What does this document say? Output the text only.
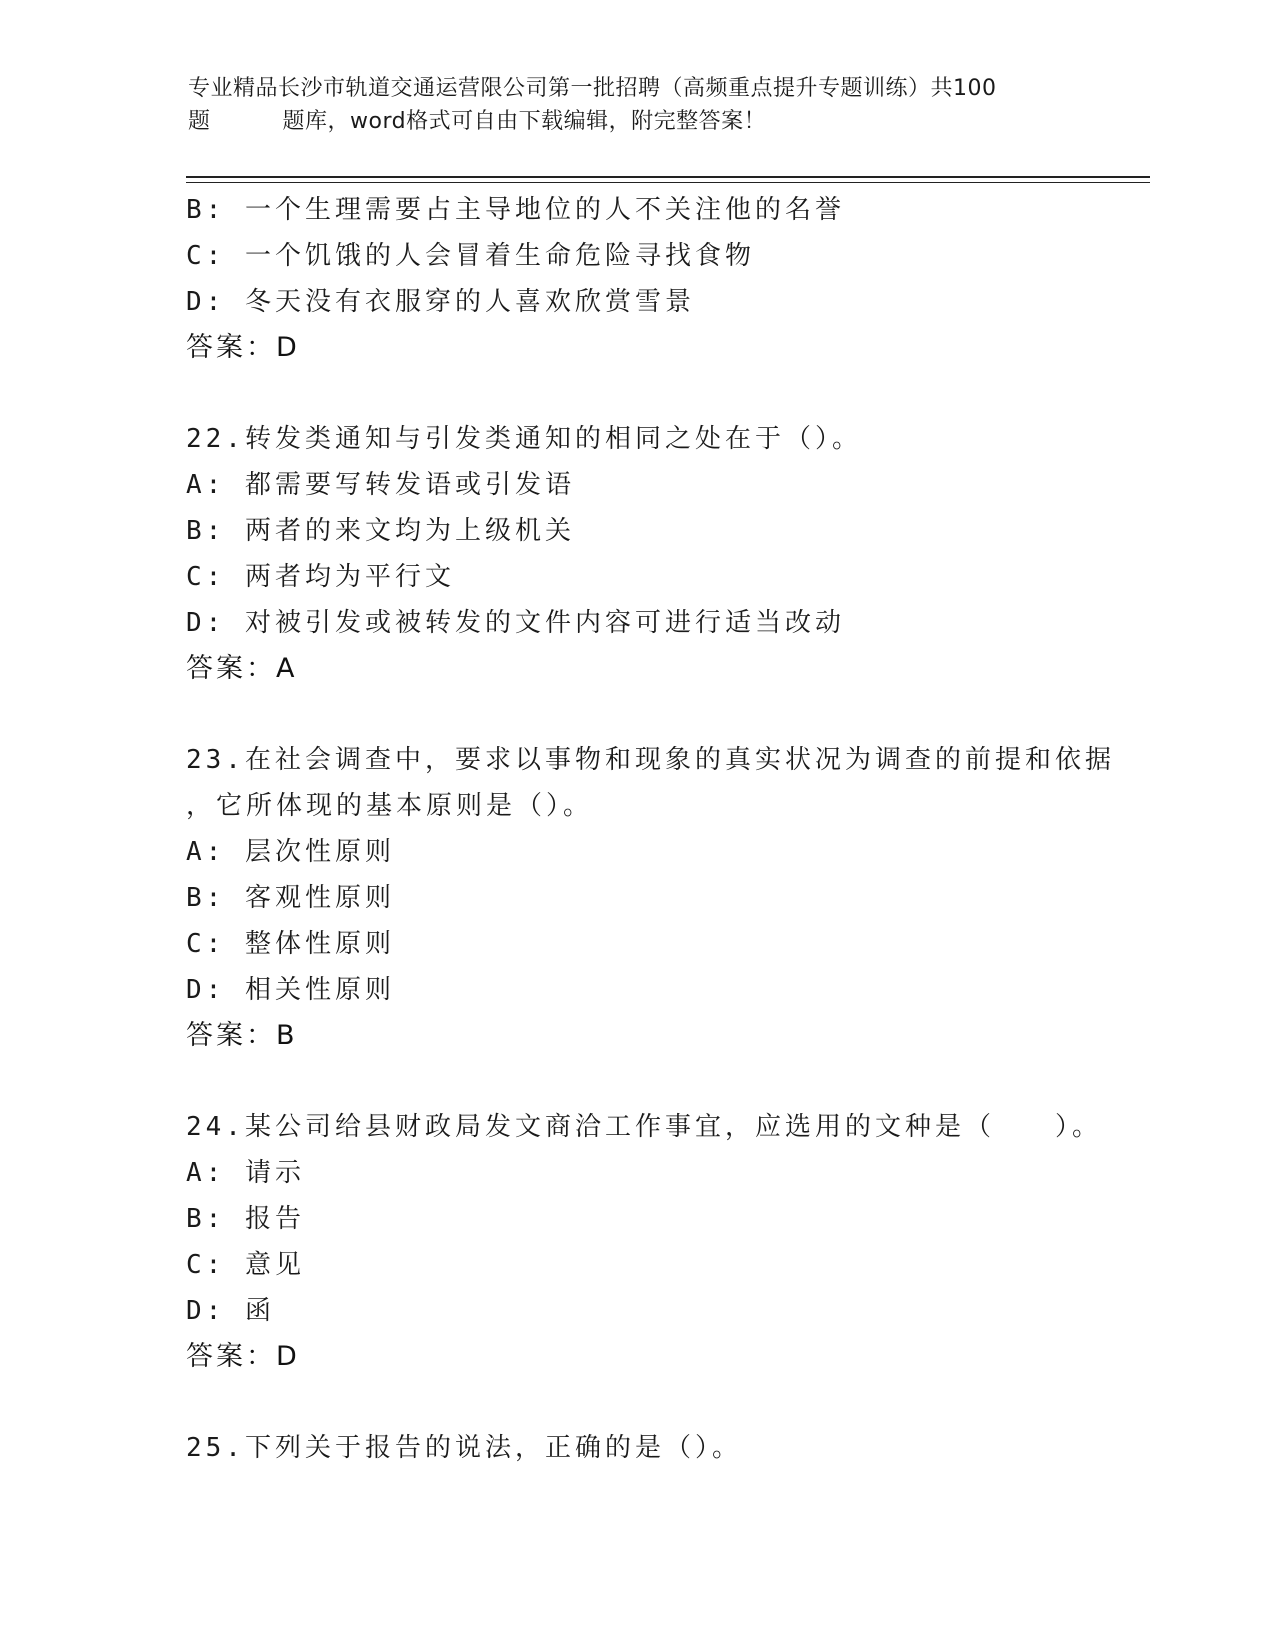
专业精品长沙市轨道交通运营限公司第一批招聘（高频重点提升专题训练）共100
题	题库，word格式可自由下载编辑，附完整答案！
B: 一个生理需要占主导地位的人不关注他的名誉
C: 一个饥饿的人会冒着生命危险寻找食物
D: 冬天没有衣服穿的人喜欢欣赏雪景
答案：D
22.转发类通知与引发类通知的相同之处在于（）。
A: 都需要写转发语或引发语
B: 两者的来文均为上级机关
C: 两者均为平行文
D: 对被引发或被转发的文件内容可进行适当改动
答案：A
23.在社会调查中，要求以事物和现象的真实状况为调查的前提和依据
，它所体现的基本原则是（）。
A: 层次性原则
B: 客观性原则
C: 整体性原则
D: 相关性原则
答案：B
24.某公司给县财政局发文商洽工作事宜，应选用的文种是（　　）。
A: 请示
B: 报告
C: 意见
D: 函
答案：D
25.下列关于报告的说法，正确的是（）。
